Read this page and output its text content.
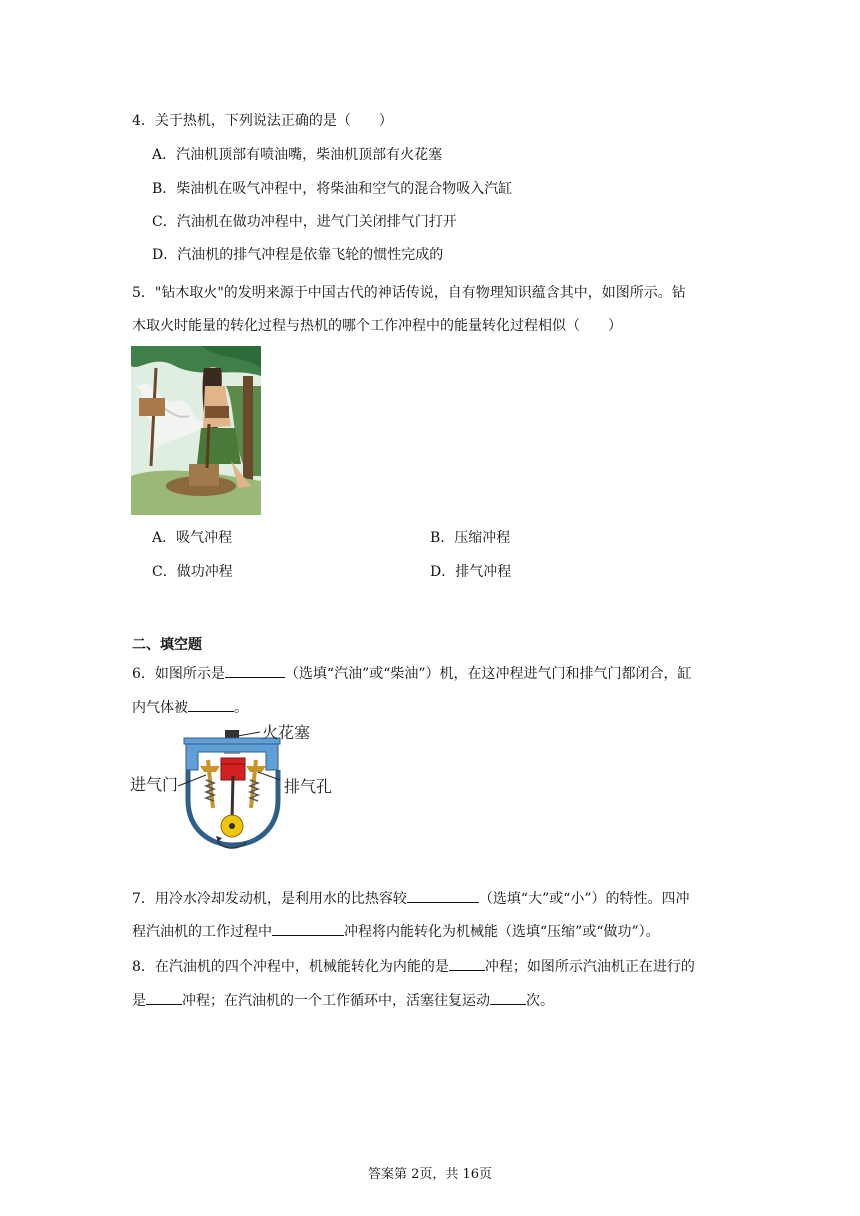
4．关于热机，下列说法正确的是（　　）
A．汽油机顶部有喷油嘴，柴油机顶部有火花塞
B．柴油机在吸气冲程中，将柴油和空气的混合物吸入汽缸
C．汽油机在做功冲程中，进气门关闭排气门打开
D．汽油机的排气冲程是依靠飞轮的惯性完成的
5．"钻木取火"的发明来源于中国古代的神话传说，自有物理知识蕴含其中，如图所示。钻
木取火时能量的转化过程与热机的哪个工作冲程中的能量转化过程相似（　　）
A．吸气冲程	B．压缩冲程
C．做功冲程	D．排气冲程
二、填空题
6．如图所示是	（选填“汽油”或“柴油”）机，在这冲程进气门和排气门都闭合，缸
内气体被	。
火花塞
进气门	排气孔
7．用冷水冷却发动机，是利用水的比热容较	（选填“大”或“小”）的特性。四冲
程汽油机的工作过程中	冲程将内能转化为机械能（选填“压缩”或“做功”）。
8．在汽油机的四个冲程中，机械能转化为内能的是	冲程；如图所示汽油机正在进行的
是	冲程；在汽油机的一个工作循环中，活塞往复运动	次。
答案第 2页，共 16页
